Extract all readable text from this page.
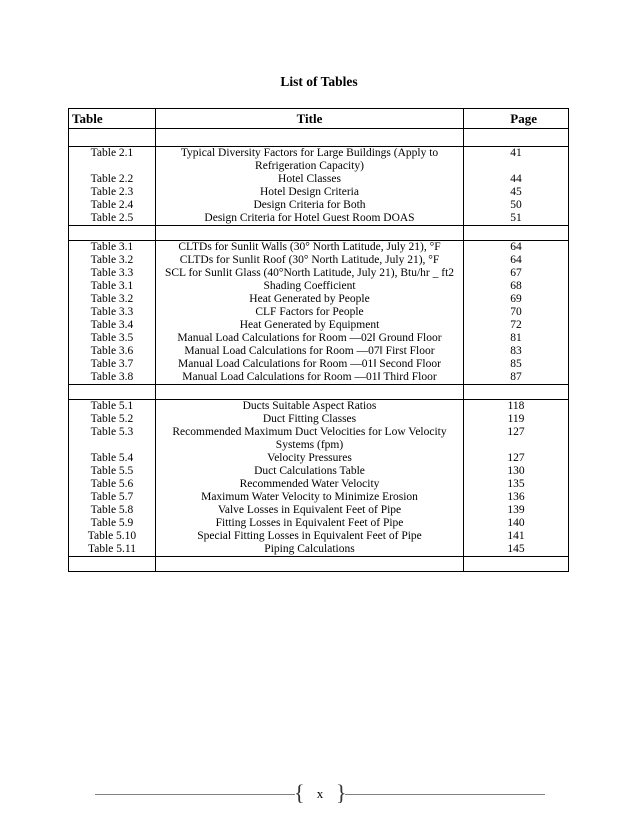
List of Tables
Table	Title	Page

Table 2.1	Typical Diversity Factors for Large Buildings (Apply to Refrigeration Capacity)	41
Table 2.2	Hotel Classes	44
Table 2.3	Hotel Design Criteria	45
Table 2.4	Design Criteria for Both	50
Table 2.5	Design Criteria for Hotel Guest Room DOAS	51

Table 3.1	CLTDs for Sunlit Walls (30° North Latitude, July 21), °F	64
Table 3.2	CLTDs for Sunlit Roof (30° North Latitude, July 21), °F	64
Table 3.3	SCL for Sunlit Glass (40°North Latitude, July 21), Btu/hr _ ft2	67
Table 3.1	Shading Coefficient	68
Table 3.2	Heat Generated by People	69
Table 3.3	CLF Factors for People	70
Table 3.4	Heat Generated by Equipment	72
Table 3.5	Manual Load Calculations for Room ―02‖ Ground Floor	81
Table 3.6	Manual Load Calculations for Room ―07‖ First Floor	83
Table 3.7	Manual Load Calculations for Room ―01‖ Second Floor	85
Table 3.8	Manual Load Calculations for Room ―01‖ Third Floor	87

Table 5.1	Ducts Suitable Aspect Ratios	118
Table 5.2	Duct Fitting Classes	119
Table 5.3	Recommended Maximum Duct Velocities for Low Velocity Systems (fpm)	127
Table 5.4	Velocity Pressures	127
Table 5.5	Duct Calculations Table	130
Table 5.6	Recommended Water Velocity	135
Table 5.7	Maximum Water Velocity to Minimize Erosion	136
Table 5.8	Valve Losses in Equivalent Feet of Pipe	139
Table 5.9	Fitting Losses in Equivalent Feet of Pipe	140
Table 5.10	Special Fitting Losses in Equivalent Feet of Pipe	141
Table 5.11	Piping Calculations	145

{ }
x
